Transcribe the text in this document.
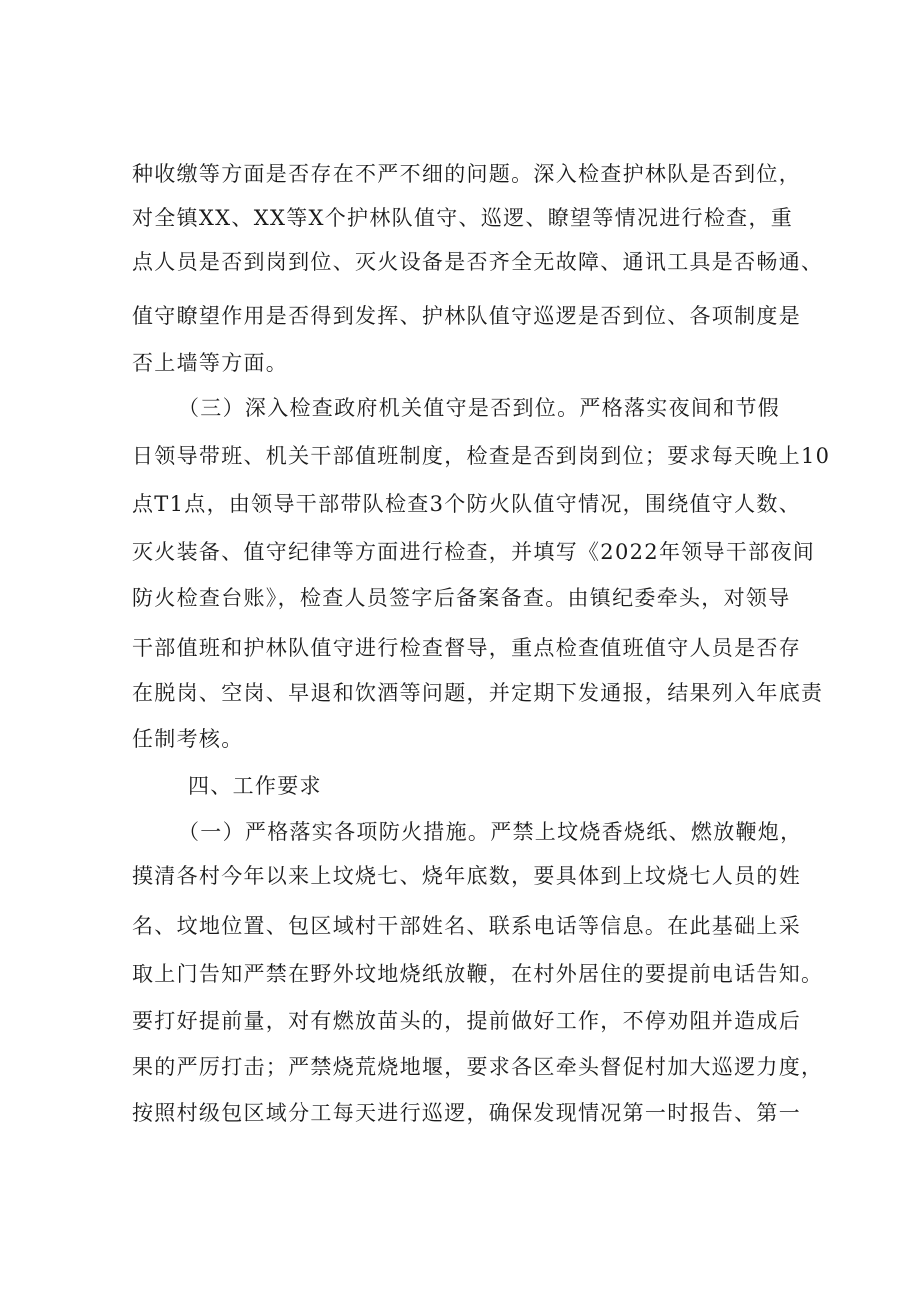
种收缴等方面是否存在不严不细的问题。深入检查护林队是否到位，
对全镇XX、XX等X个护林队值守、巡逻、瞭望等情况进行检查，重
点人员是否到岗到位、灭火设备是否齐全无故障、通讯工具是否畅通、
值守瞭望作用是否得到发挥、护林队值守巡逻是否到位、各项制度是
否上墙等方面。
（三）深入检查政府机关值守是否到位。严格落实夜间和节假
日领导带班、机关干部值班制度，检查是否到岗到位；要求每天晚上10
点T1点，由领导干部带队检查3个防火队值守情况，围绕值守人数、
灭火装备、值守纪律等方面进行检查，并填写《2022年领导干部夜间
防火检查台账》，检查人员签字后备案备查。由镇纪委牵头，对领导
干部值班和护林队值守进行检查督导，重点检查值班值守人员是否存
在脱岗、空岗、早退和饮酒等问题，并定期下发通报，结果列入年底责
任制考核。
四、工作要求
（一）严格落实各项防火措施。严禁上坟烧香烧纸、燃放鞭炮，
摸清各村今年以来上坟烧七、烧年底数，要具体到上坟烧七人员的姓
名、坟地位置、包区域村干部姓名、联系电话等信息。在此基础上采
取上门告知严禁在野外坟地烧纸放鞭，在村外居住的要提前电话告知。
要打好提前量，对有燃放苗头的，提前做好工作，不停劝阻并造成后
果的严厉打击；严禁烧荒烧地堰，要求各区牵头督促村加大巡逻力度，
按照村级包区域分工每天进行巡逻，确保发现情况第一时报告、第一
